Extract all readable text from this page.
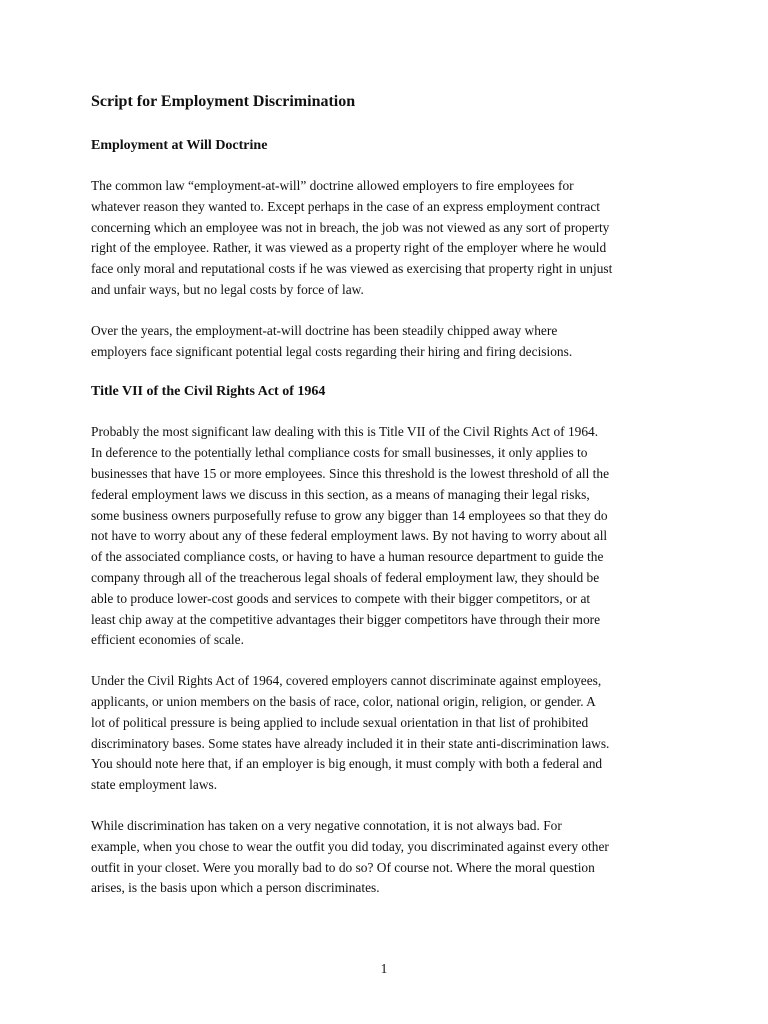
Script for Employment Discrimination
Employment at Will Doctrine

The common law “employment-at-will” doctrine allowed employers to fire employees for
whatever reason they wanted to. Except perhaps in the case of an express employment contract
concerning which an employee was not in breach, the job was not viewed as any sort of property
right of the employee. Rather, it was viewed as a property right of the employer where he would
face only moral and reputational costs if he was viewed as exercising that property right in unjust
and unfair ways, but no legal costs by force of law.

Over the years, the employment-at-will doctrine has been steadily chipped away where
employers face significant potential legal costs regarding their hiring and firing decisions.

Title VII of the Civil Rights Act of 1964

Probably the most significant law dealing with this is Title VII of the Civil Rights Act of 1964.
In deference to the potentially lethal compliance costs for small businesses, it only applies to
businesses that have 15 or more employees. Since this threshold is the lowest threshold of all the
federal employment laws we discuss in this section, as a means of managing their legal risks,
some business owners purposefully refuse to grow any bigger than 14 employees so that they do
not have to worry about any of these federal employment laws. By not having to worry about all
of the associated compliance costs, or having to have a human resource department to guide the
company through all of the treacherous legal shoals of federal employment law, they should be
able to produce lower-cost goods and services to compete with their bigger competitors, or at
least chip away at the competitive advantages their bigger competitors have through their more
efficient economies of scale.

Under the Civil Rights Act of 1964, covered employers cannot discriminate against employees,
applicants, or union members on the basis of race, color, national origin, religion, or gender. A
lot of political pressure is being applied to include sexual orientation in that list of prohibited
discriminatory bases. Some states have already included it in their state anti-discrimination laws.
You should note here that, if an employer is big enough, it must comply with both a federal and
state employment laws.

While discrimination has taken on a very negative connotation, it is not always bad. For
example, when you chose to wear the outfit you did today, you discriminated against every other
outfit in your closet. Were you morally bad to do so? Of course not. Where the moral question
arises, is the basis upon which a person discriminates.

1
